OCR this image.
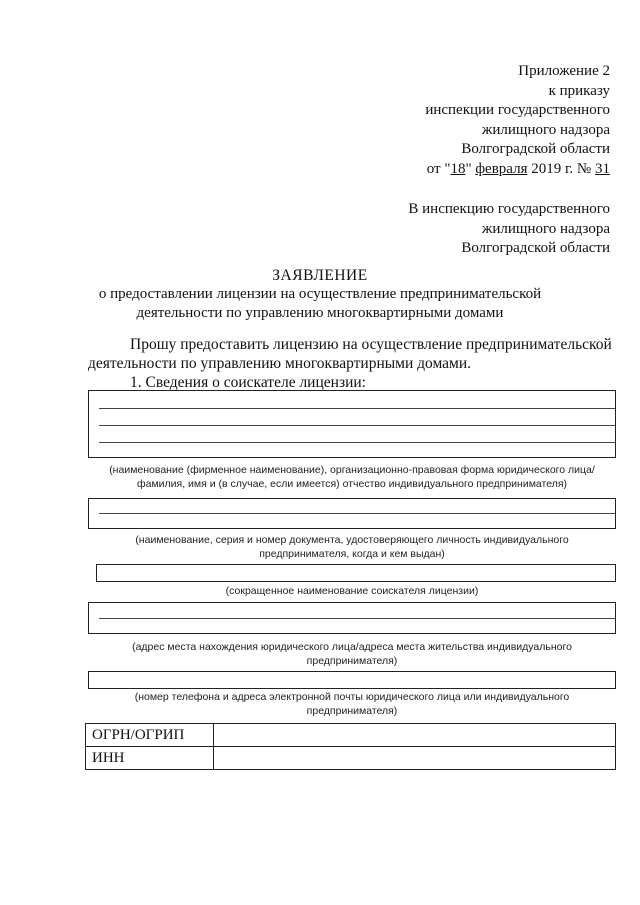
Приложение 2
к приказу
инспекции государственного
жилищного надзора
Волгоградской области
от "18" февраля 2019 г. № 31
В инспекцию государственного
жилищного надзора
Волгоградской области
ЗАЯВЛЕНИЕ
о предоставлении лицензии на осуществление предпринимательской
деятельности по управлению многоквартирными домами
Прошу предоставить лицензию на осуществление предпринимательской
деятельности по управлению многоквартирными домами.
1. Сведения о соискателе лицензии:
(наименование (фирменное наименование), организационно-правовая форма юридического лица/
фамилия, имя и (в случае, если имеется) отчество индивидуального предпринимателя)
(наименование, серия и номер документа, удостоверяющего личность индивидуального
предпринимателя, когда и кем выдан)
(сокращенное наименование соискателя лицензии)
(адрес места нахождения юридического лица/адреса места жительства индивидуального
предпринимателя)
(номер телефона и адреса электронной почты юридического лица или индивидуального
предпринимателя)
ОГРН/ОГРИП	
ИНН	
